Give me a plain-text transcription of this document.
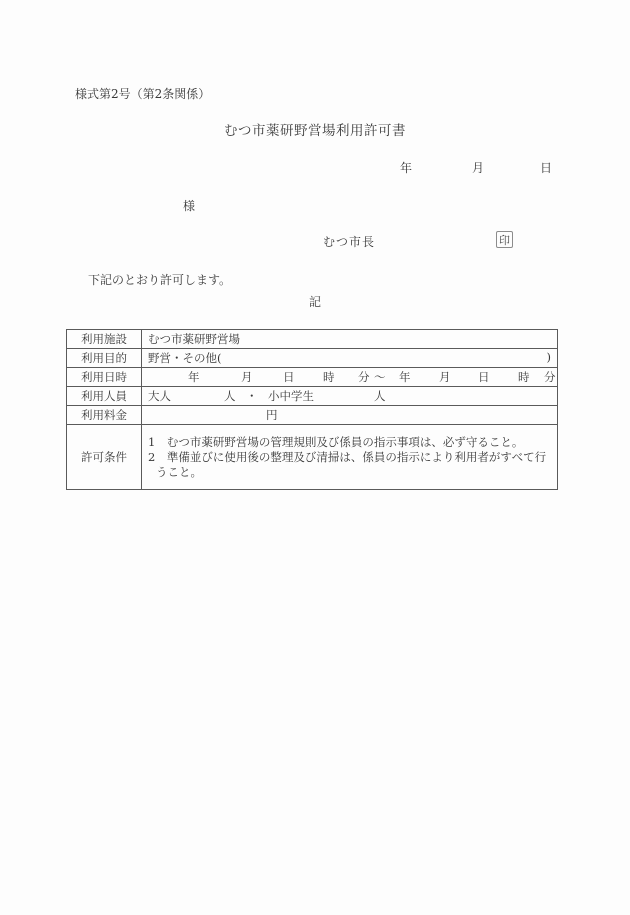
様式第2号（第2条関係）
むつ市薬研野営場利用許可書
年	月	日
様
むつ市長	印
下記のとおり許可します。
記
利用施設	むつ市薬研野営場
利用目的	野営・その他( )

利用日時	年	月	日 時 分 ～ 年 月 日 時 分

利用人員	大人 人 ・ 小中学生 人

利用料金	円

許可条件	1　むつ市薬研野営場の管理規則及び係員の指示事項は、必ず守ること。
2　準備並びに使用後の整理及び清掃は、係員の指示により利用者がすべて行うこと。
